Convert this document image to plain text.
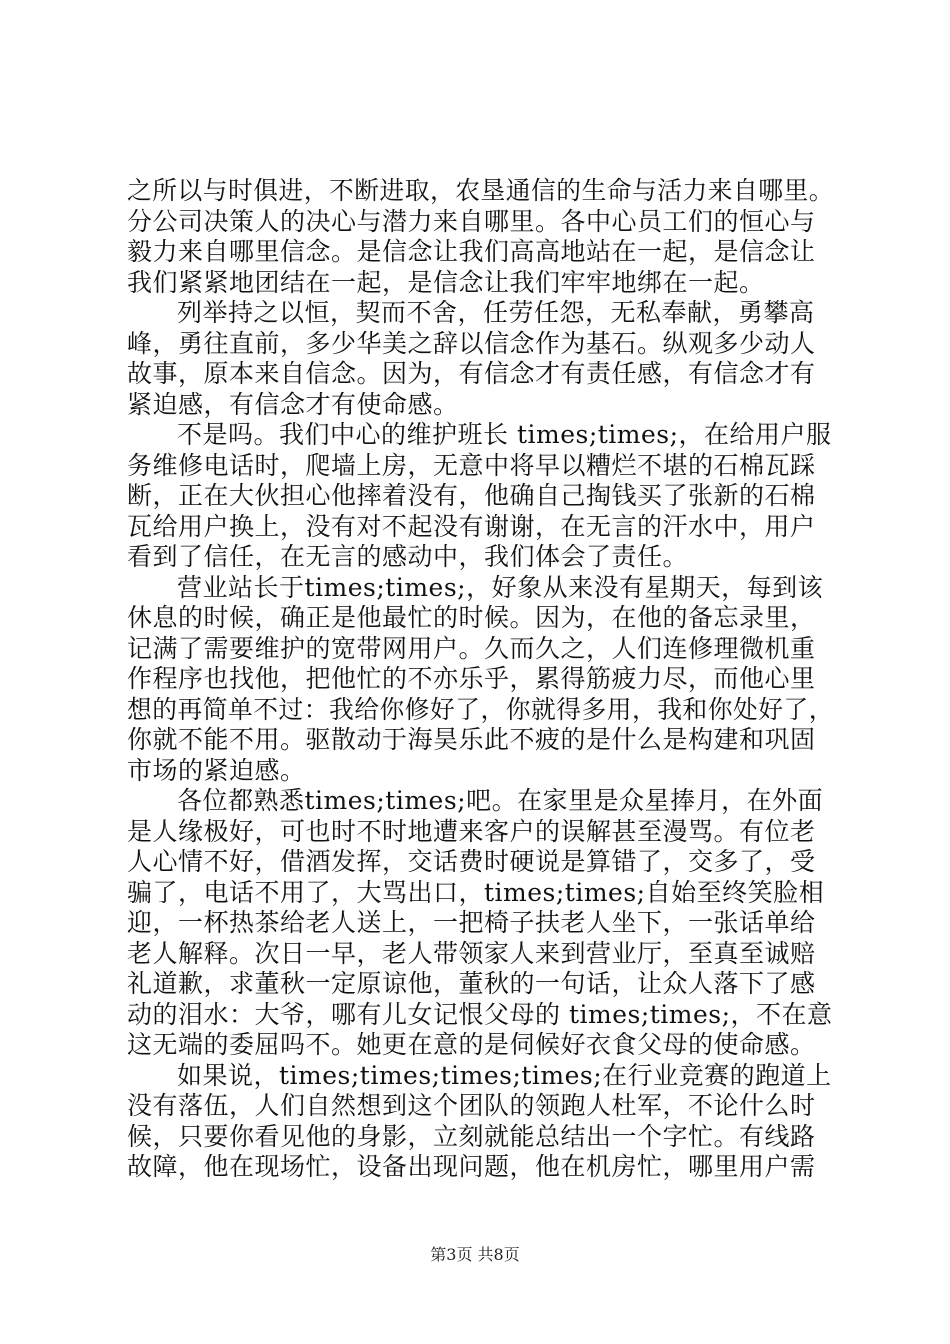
之所以与时俱进，不断进取，农垦通信的生命与活力来自哪里。
分公司决策人的决心与潜力来自哪里。各中心员工们的恒心与
毅力来自哪里信念。是信念让我们高高地站在一起，是信念让
我们紧紧地团结在一起，是信念让我们牢牢地绑在一起。
列举持之以恒，契而不舍，任劳任怨，无私奉献，勇攀高
峰，勇往直前，多少华美之辞以信念作为基石。纵观多少动人
故事，原本来自信念。因为，有信念才有责任感，有信念才有
紧迫感，有信念才有使命感。
不是吗。我们中心的维护班长 times;times;，在给用户服
务维修电话时，爬墙上房，无意中将早以糟烂不堪的石棉瓦踩
断，正在大伙担心他摔着没有，他确自己掏钱买了张新的石棉
瓦给用户换上，没有对不起没有谢谢，在无言的汗水中，用户
看到了信任，在无言的感动中，我们体会了责任。
营业站长于times;times;，好象从来没有星期天，每到该
休息的时候，确正是他最忙的时候。因为，在他的备忘录里，
记满了需要维护的宽带网用户。久而久之，人们连修理微机重
作程序也找他，把他忙的不亦乐乎，累得筋疲力尽，而他心里
想的再简单不过：我给你修好了，你就得多用，我和你处好了，
你就不能不用。驱散动于海昊乐此不疲的是什么是构建和巩固
市场的紧迫感。
各位都熟悉times;times;吧。在家里是众星捧月，在外面
是人缘极好，可也时不时地遭来客户的误解甚至漫骂。有位老
人心情不好，借酒发挥，交话费时硬说是算错了，交多了，受
骗了，电话不用了，大骂出口，times;times;自始至终笑脸相
迎，一杯热茶给老人送上，一把椅子扶老人坐下，一张话单给
老人解释。次日一早，老人带领家人来到营业厅，至真至诚赔
礼道歉，求董秋一定原谅他，董秋的一句话，让众人落下了感
动的泪水：大爷，哪有儿女记恨父母的 times;times;，不在意
这无端的委屈吗不。她更在意的是伺候好衣食父母的使命感。
如果说，times;times;times;times;在行业竞赛的跑道上
没有落伍，人们自然想到这个团队的领跑人杜军，不论什么时
候，只要你看见他的身影，立刻就能总结出一个字忙。有线路
故障，他在现场忙，设备出现问题，他在机房忙，哪里用户需
第3页 共8页
